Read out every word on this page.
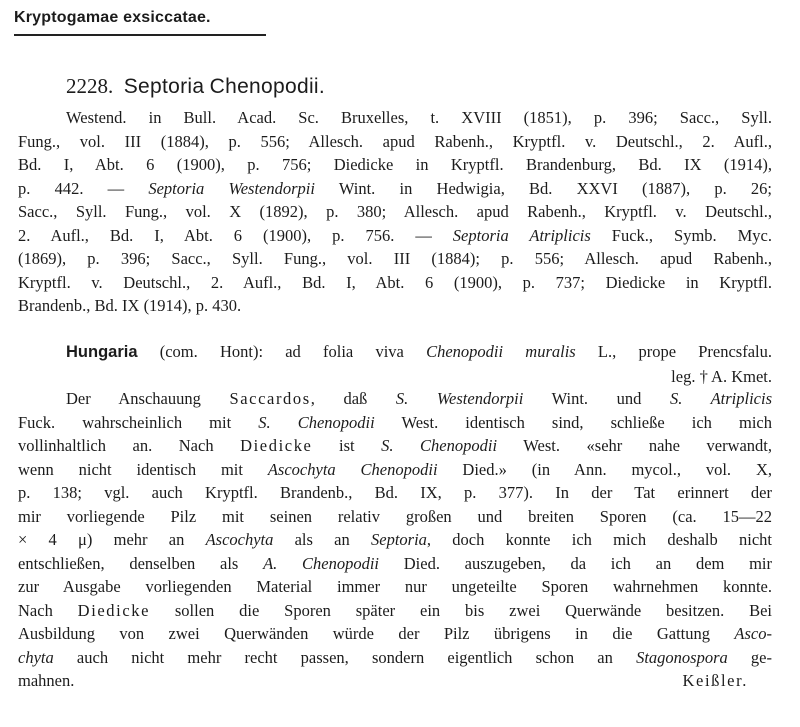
Kryptogamae exsiccatae.
2228. Septoria Chenopodii.
Westend. in Bull. Acad. Sc. Bruxelles, t. XVIII (1851), p. 396; Sacc., Syll.
Fung., vol. III (1884), p. 556; Allesch. apud Rabenh., Kryptfl. v. Deutschl., 2. Aufl.,
Bd. I, Abt. 6 (1900), p. 756; Diedicke in Kryptfl. Brandenburg, Bd. IX (1914),
p. 442. — Septoria Westendorpii Wint. in Hedwigia, Bd. XXVI (1887), p. 26;
Sacc., Syll. Fung., vol. X (1892), p. 380; Allesch. apud Rabenh., Kryptfl. v. Deutschl.,
2. Aufl., Bd. I, Abt. 6 (1900), p. 756. — Septoria Atriplicis Fuck., Symb. Myc.
(1869), p. 396; Sacc., Syll. Fung., vol. III (1884); p. 556; Allesch. apud Rabenh.,
Kryptfl. v. Deutschl., 2. Aufl., Bd. I, Abt. 6 (1900), p. 737; Diedicke in Kryptfl.
Brandenb., Bd. IX (1914), p. 430.
Hungaria (com. Hont): ad folia viva Chenopodii muralis L., prope Prencsfalu.
leg. † A. Kmet.
Der Anschauung Saccardos, daß S. Westendorpii Wint. und S. Atriplicis
Fuck. wahrscheinlich mit S. Chenopodii West. identisch sind, schließe ich mich
vollinhaltlich an. Nach Diedicke ist S. Chenopodii West. «sehr nahe verwandt,
wenn nicht identisch mit Ascochyta Chenopodii Died.» (in Ann. mycol., vol. X,
p. 138; vgl. auch Kryptfl. Brandenb., Bd. IX, p. 377). In der Tat erinnert der
mir vorliegende Pilz mit seinen relativ großen und breiten Sporen (ca. 15—22
× 4 μ) mehr an Ascochyta als an Septoria, doch konnte ich mich deshalb nicht
entschließen, denselben als A. Chenopodii Died. auszugeben, da ich an dem mir
zur Ausgabe vorliegenden Material immer nur ungeteilte Sporen wahrnehmen konnte.
Nach Diedicke sollen die Sporen später ein bis zwei Querwände besitzen. Bei
Ausbildung von zwei Querwänden würde der Pilz übrigens in die Gattung Asco-
chyta auch nicht mehr recht passen, sondern eigentlich schon an Stagonospora ge-
mahnen.	Keißler.
